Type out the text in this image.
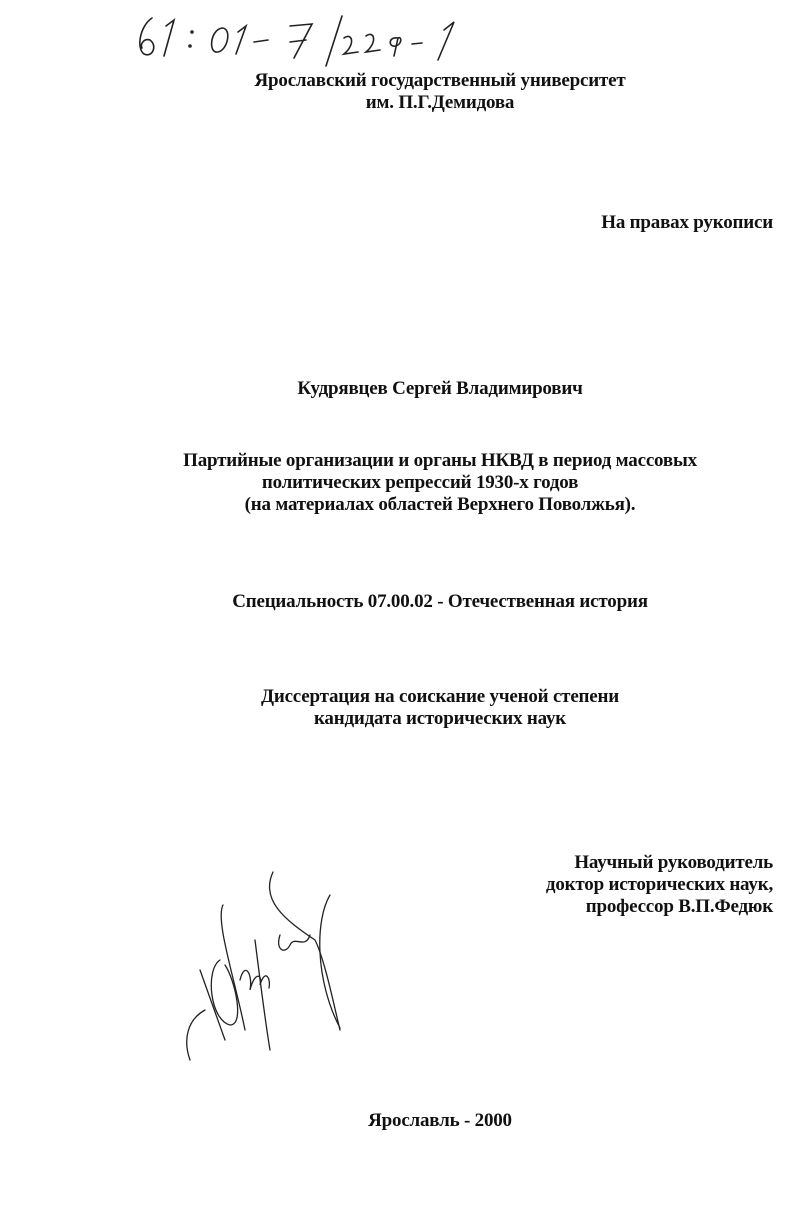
Ярославский государственный университет
им. П.Г.Демидова
На правах рукописи
Кудрявцев Сергей Владимирович
Партийные организации и органы НКВД в период массовых
политических репрессий 1930-х годов
(на материалах областей Верхнего Поволжья).
Специальность 07.00.02 - Отечественная история
Диссертация на соискание ученой степени
кандидата исторических наук
Научный руководитель
доктор исторических наук,
профессор В.П.Федюк
Ярославль - 2000
